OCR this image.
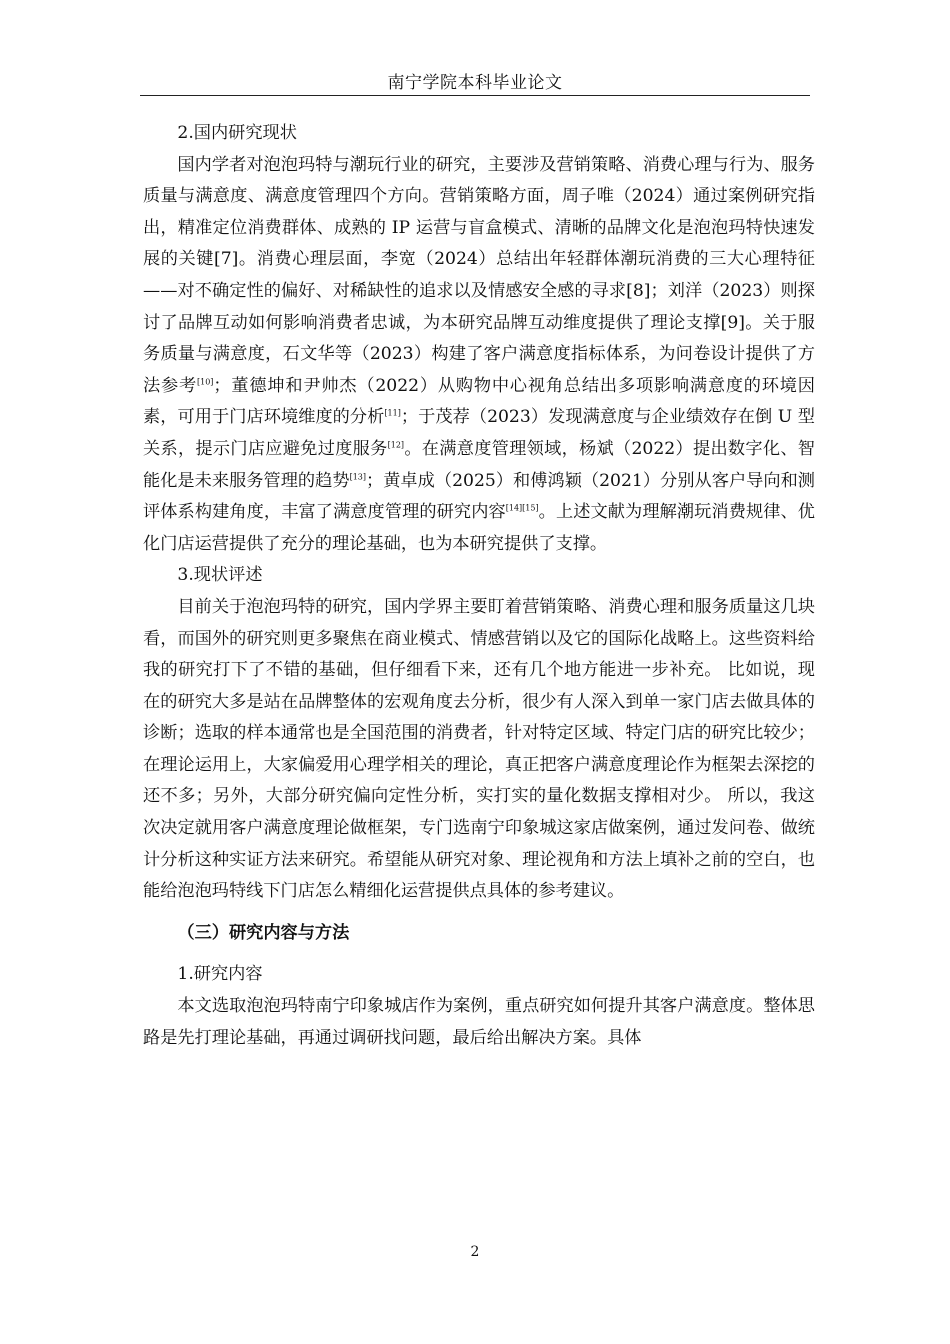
南宁学院本科毕业论文

2.国内研究现状

国内学者对泡泡玛特与潮玩行业的研究，主要涉及营销策略、消费心理与行为、服务质量与满意度、满意度管理四个方向。营销策略方面，周子唯（2024）通过案例研究指出，精准定位消费群体、成熟的 IP 运营与盲盒模式、清晰的品牌文化是泡泡玛特快速发展的关键[7]。消费心理层面，李宽（2024）总结出年轻群体潮玩消费的三大心理特征——对不确定性的偏好、对稀缺性的追求以及情感安全感的寻求[8]；刘洋（2023）则探讨了品牌互动如何影响消费者忠诚，为本研究品牌互动维度提供了理论支撑[9]。关于服务质量与满意度，石文华等（2023）构建了客户满意度指标体系，为问卷设计提供了方法参考[10]；董德坤和尹帅杰（2022）从购物中心视角总结出多项影响满意度的环境因素，可用于门店环境维度的分析[11]；于茂荐（2023）发现满意度与企业绩效存在倒 U 型关系，提示门店应避免过度服务[12]。在满意度管理领域，杨斌（2022）提出数字化、智能化是未来服务管理的趋势[13]；黄卓成（2025）和傅鸿颖（2021）分别从客户导向和测评体系构建角度，丰富了满意度管理的研究内容[14][15]。上述文献为理解潮玩消费规律、优化门店运营提供了充分的理论基础，也为本研究提供了支撑。

3.现状评述

目前关于泡泡玛特的研究，国内学界主要盯着营销策略、消费心理和服务质量这几块看，而国外的研究则更多聚焦在商业模式、情感营销以及它的国际化战略上。这些资料给我的研究打下了不错的基础，但仔细看下来，还有几个地方能进一步补充。 比如说，现在的研究大多是站在品牌整体的宏观角度去分析，很少有人深入到单一家门店去做具体的诊断；选取的样本通常也是全国范围的消费者，针对特定区域、特定门店的研究比较少；在理论运用上，大家偏爱用心理学相关的理论，真正把客户满意度理论作为框架去深挖的还不多；另外，大部分研究偏向定性分析，实打实的量化数据支撑相对少。 所以，我这次决定就用客户满意度理论做框架，专门选南宁印象城这家店做案例，通过发问卷、做统计分析这种实证方法来研究。希望能从研究对象、理论视角和方法上填补之前的空白，也能给泡泡玛特线下门店怎么精细化运营提供点具体的参考建议。

（三）研究内容与方法

1.研究内容

本文选取泡泡玛特南宁印象城店作为案例，重点研究如何提升其客户满意度。整体思路是先打理论基础，再通过调研找问题，最后给出解决方案。具体

2
